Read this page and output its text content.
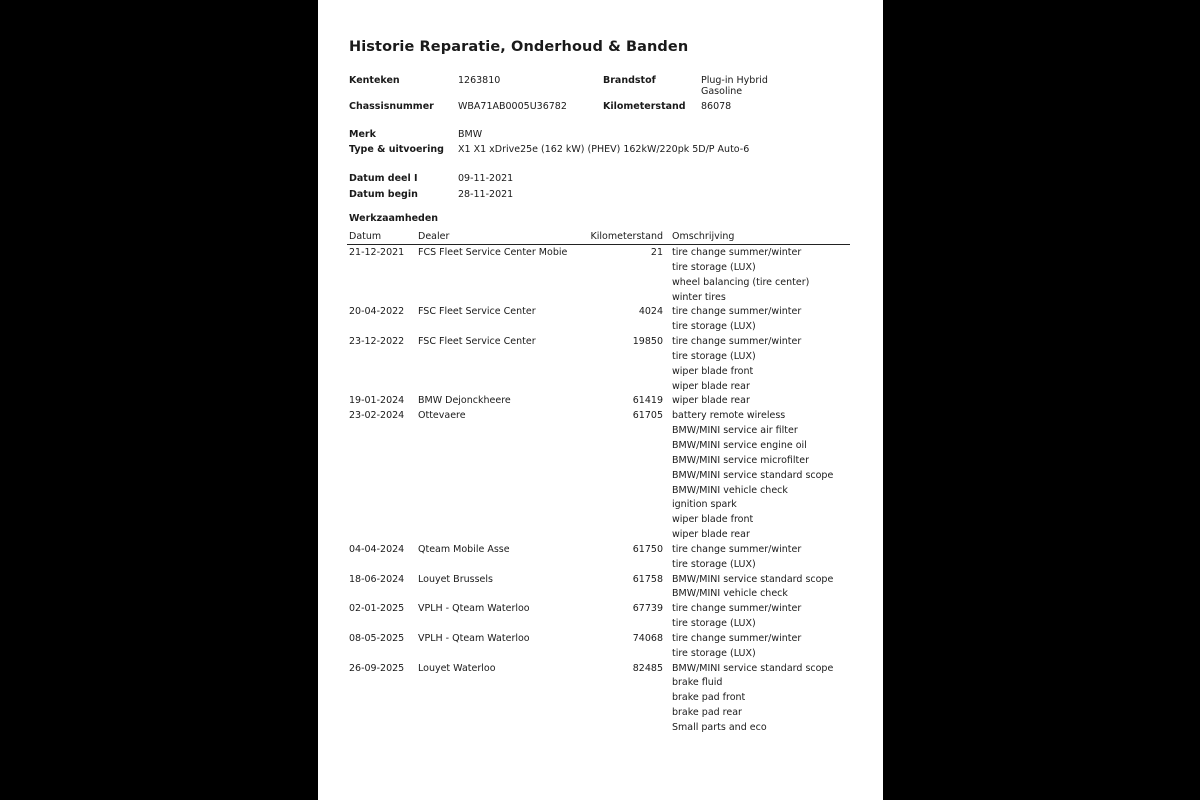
Historie Reparatie, Onderhoud & Banden
Kenteken	1263810	Brandstof	Plug-in Hybrid
Gasoline
Chassisnummer	WBA71AB0005U36782	Kilometerstand 86078
Merk	BMW
Type & uitvoering X1 X1 xDrive25e (162 kW) (PHEV) 162kW/220pk 5D/P Auto-6
Datum deel I	09-11-2021
Datum begin	28-11-2021
Werkzaamheden
Datum	Dealer	Kilometerstand Omschrijving
21-12-2021 FCS Fleet Service Center Mobie	21 tire change summer/winter
tire storage (LUX)
wheel balancing (tire center)
winter tires
20-04-2022 FSC Fleet Service Center	4024 tire change summer/winter
tire storage (LUX)
23-12-2022 FSC Fleet Service Center	19850 tire change summer/winter
tire storage (LUX)
wiper blade front
wiper blade rear
19-01-2024 BMW Dejonckheere	61419 wiper blade rear
23-02-2024 Ottevaere	61705 battery remote wireless
BMW/MINI service air filter
BMW/MINI service engine oil
BMW/MINI service microfilter
BMW/MINI service standard scope
BMW/MINI vehicle check
ignition spark
wiper blade front
wiper blade rear
04-04-2024 Qteam Mobile Asse	61750 tire change summer/winter
tire storage (LUX)
18-06-2024 Louyet Brussels	61758 BMW/MINI service standard scope
BMW/MINI vehicle check
02-01-2025 VPLH - Qteam Waterloo	67739 tire change summer/winter
tire storage (LUX)
08-05-2025 VPLH - Qteam Waterloo	74068 tire change summer/winter
tire storage (LUX)
26-09-2025 Louyet Waterloo	82485 BMW/MINI service standard scope
brake fluid
brake pad front
brake pad rear
Small parts and eco
